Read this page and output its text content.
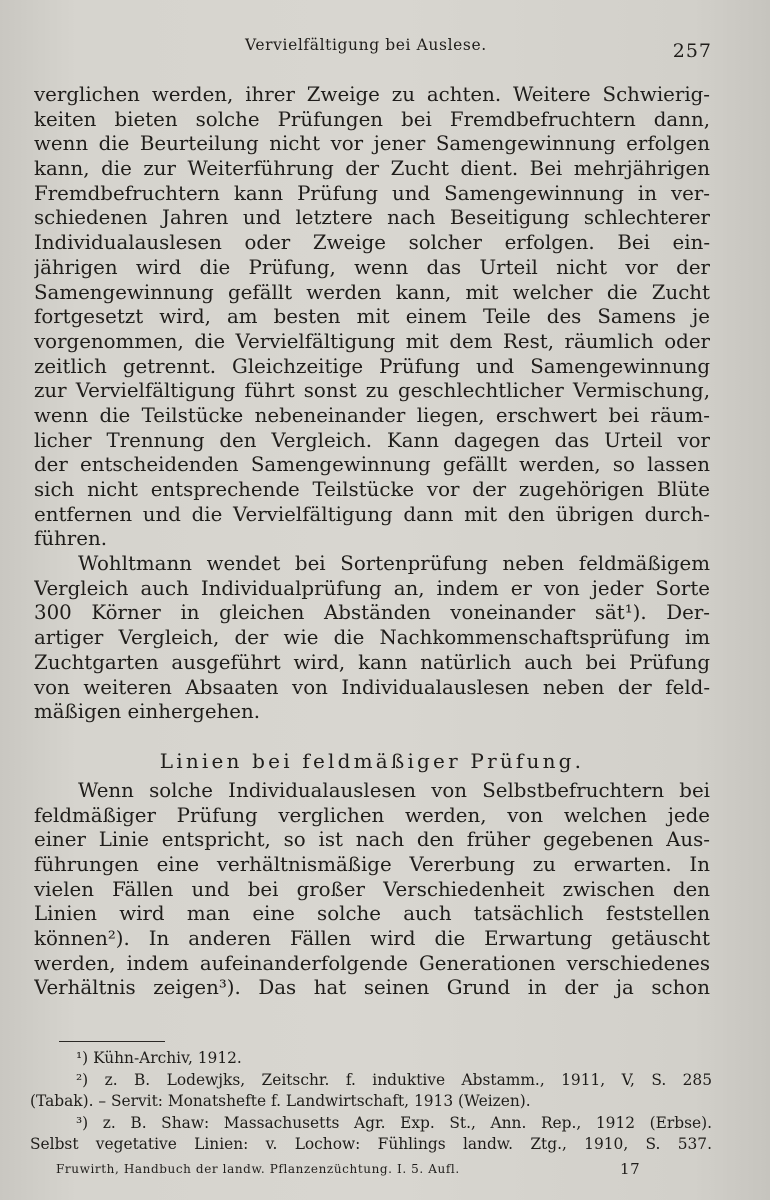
Vervielfältigung bei Auslese.	257
verglichen werden, ihrer Zweige zu achten. Weitere Schwierig-
keiten bieten solche Prüfungen bei Fremdbefruchtern dann,
wenn die Beurteilung nicht vor jener Samengewinnung erfolgen
kann, die zur Weiterführung der Zucht dient. Bei mehrjährigen
Fremdbefruchtern kann Prüfung und Samengewinnung in ver-
schiedenen Jahren und letztere nach Beseitigung schlechterer
Individualauslesen oder Zweige solcher erfolgen. Bei ein-
jährigen wird die Prüfung, wenn das Urteil nicht vor der
Samengewinnung gefällt werden kann, mit welcher die Zucht
fortgesetzt wird, am besten mit einem Teile des Samens je
vorgenommen, die Vervielfältigung mit dem Rest, räumlich oder
zeitlich getrennt. Gleichzeitige Prüfung und Samengewinnung
zur Vervielfältigung führt sonst zu geschlechtlicher Vermischung,
wenn die Teilstücke nebeneinander liegen, erschwert bei räum-
licher Trennung den Vergleich. Kann dagegen das Urteil vor
der entscheidenden Samengewinnung gefällt werden, so lassen
sich nicht entsprechende Teilstücke vor der zugehörigen Blüte
entfernen und die Vervielfältigung dann mit den übrigen durch-
führen.
Wohltmann wendet bei Sortenprüfung neben feldmäßigem
Vergleich auch Individualprüfung an, indem er von jeder Sorte
300 Körner in gleichen Abständen voneinander sät¹). Der-
artiger Vergleich, der wie die Nachkommenschaftsprüfung im
Zuchtgarten ausgeführt wird, kann natürlich auch bei Prüfung
von weiteren Absaaten von Individualauslesen neben der feld-
mäßigen einhergehen.
Linien bei feldmäßiger Prüfung.
Wenn solche Individualauslesen von Selbstbefruchtern bei
feldmäßiger Prüfung verglichen werden, von welchen jede
einer Linie entspricht, so ist nach den früher gegebenen Aus-
führungen eine verhältnismäßige Vererbung zu erwarten. In
vielen Fällen und bei großer Verschiedenheit zwischen den
Linien wird man eine solche auch tatsächlich feststellen
können²). In anderen Fällen wird die Erwartung getäuscht
werden, indem aufeinanderfolgende Generationen verschiedenes
Verhältnis zeigen³). Das hat seinen Grund in der ja schon
¹) Kühn-Archiv, 1912.
²) z. B. Lodewjks, Zeitschr. f. induktive Abstamm., 1911, V, S. 285
(Tabak). – Servit: Monatshefte f. Landwirtschaft, 1913 (Weizen).
³) z. B. Shaw: Massachusetts Agr. Exp. St., Ann. Rep., 1912 (Erbse).
Selbst vegetative Linien: v. Lochow: Fühlings landw. Ztg., 1910, S. 537.
Fruwirth, Handbuch der landw. Pflanzenzüchtung. I. 5. Aufl.	17
